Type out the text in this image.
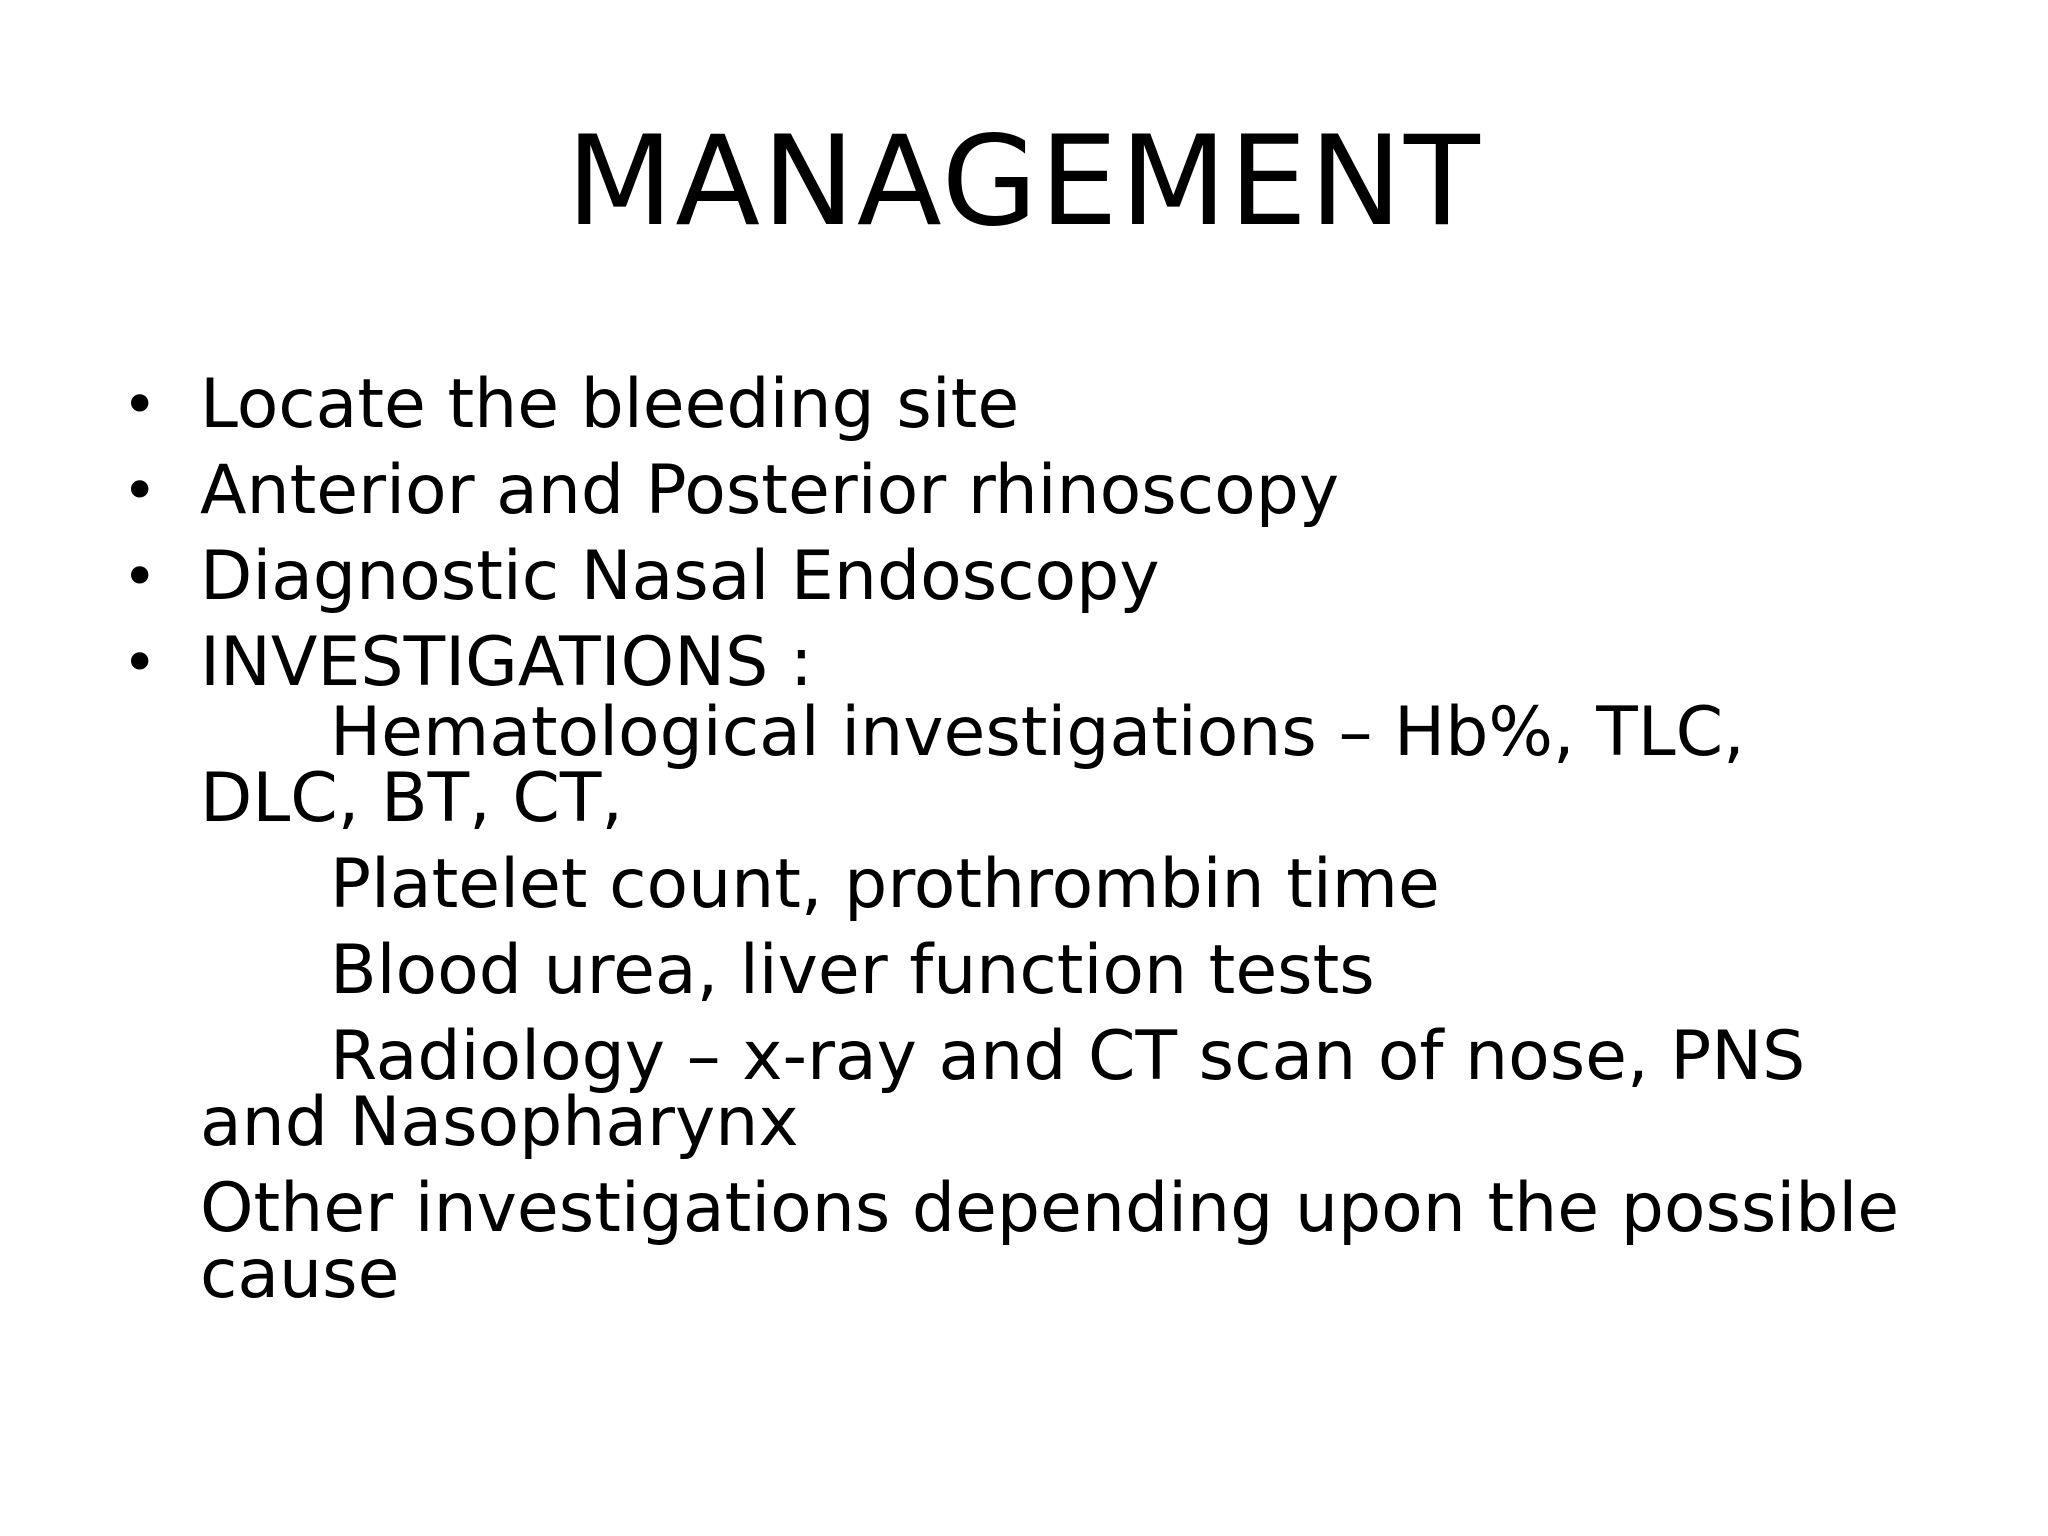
MANAGEMENT
• Locate the bleeding site
• Anterior and Posterior rhinoscopy
• Diagnostic Nasal Endoscopy
• INVESTIGATIONS :

Hematological investigations – Hb%, TLC, DLC, BT, CT,

Platelet count, prothrombin time

Blood urea, liver function tests

Radiology – x-ray and CT scan of nose, PNS and Nasopharynx

Other investigations depending upon the possible cause
